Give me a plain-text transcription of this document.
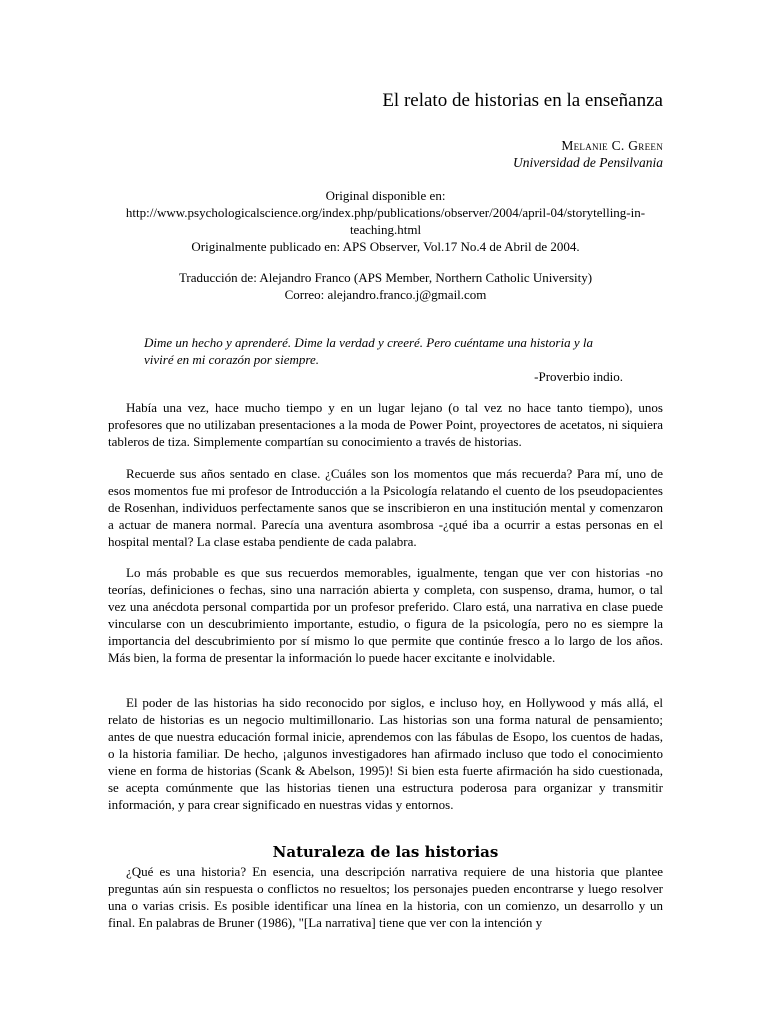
El relato de historias en la enseñanza
Melanie C. Green
Universidad de Pensilvania
Original disponible en:
http://www.psychologicalscience.org/index.php/publications/observer/2004/april-04/storytelling-in-
teaching.html
Originalmente publicado en: APS Observer, Vol.17 No.4 de Abril de 2004.
Traducción de: Alejandro Franco (APS Member, Northern Catholic University)
Correo: alejandro.franco.j@gmail.com
Dime un hecho y aprenderé. Dime la verdad y creeré. Pero cuéntame una historia y la viviré en mi corazón por siempre.
-Proverbio indio.

Había una vez, hace mucho tiempo y en un lugar lejano (o tal vez no hace tanto tiempo), unos profesores que no utilizaban presentaciones a la moda de Power Point, proyectores de acetatos, ni siquiera tableros de tiza. Simplemente compartían su conocimiento a través de historias.

Recuerde sus años sentado en clase. ¿Cuáles son los momentos que más recuerda? Para mí, uno de esos momentos fue mi profesor de Introducción a la Psicología relatando el cuento de los pseudopacientes de Rosenhan, individuos perfectamente sanos que se inscribieron en una institución mental y comenzaron a actuar de manera normal. Parecía una aventura asombrosa -¿qué iba a ocurrir a estas personas en el hospital mental? La clase estaba pendiente de cada palabra.

Lo más probable es que sus recuerdos memorables, igualmente, tengan que ver con historias -no teorías, definiciones o fechas, sino una narración abierta y completa, con suspenso, drama, humor, o tal vez una anécdota personal compartida por un profesor preferido. Claro está, una narrativa en clase puede vincularse con un descubrimiento importante, estudio, o figura de la psicología, pero no es siempre la importancia del descubrimiento por sí mismo lo que permite que continúe fresco a lo largo de los años. Más bien, la forma de presentar la información lo puede hacer excitante e inolvidable.

El poder de las historias ha sido reconocido por siglos, e incluso hoy, en Hollywood y más allá, el relato de historias es un negocio multimillonario. Las historias son una forma natural de pensamiento; antes de que nuestra educación formal inicie, aprendemos con las fábulas de Esopo, los cuentos de hadas, o la historia familiar. De hecho, ¡algunos investigadores han afirmado incluso que todo el conocimiento viene en forma de historias (Scank & Abelson, 1995)! Si bien esta fuerte afirmación ha sido cuestionada, se acepta comúnmente que las historias tienen una estructura poderosa para organizar y transmitir información, y para crear significado en nuestras vidas y entornos.

Naturaleza de las historias

¿Qué es una historia? En esencia, una descripción narrativa requiere de una historia que plantee preguntas aún sin respuesta o conflictos no resueltos; los personajes pueden encontrarse y luego resolver una o varias crisis. Es posible identificar una línea en la historia, con un comienzo, un desarrollo y un final. En palabras de Bruner (1986), "[La narrativa] tiene que ver con la intención y
